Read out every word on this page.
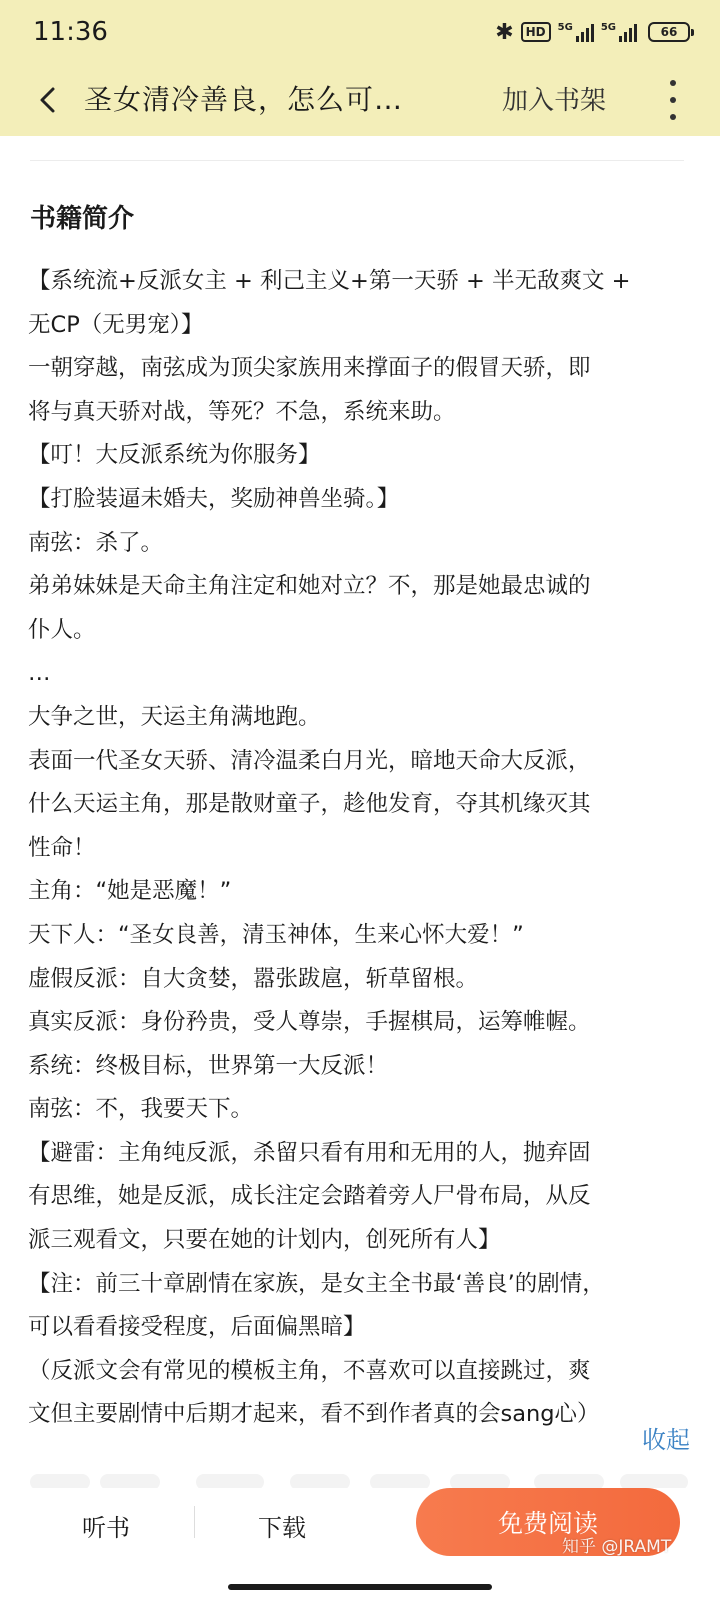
11:36	✱	HD	5G	5G	66
圣女清冷善良，怎么可…	加入书架
书籍简介

【系统流+反派女主 + 利己主义+第一天骄 + 半无敌爽文 +

无CP（无男宠）】

一朝穿越，南弦成为顶尖家族用来撑面子的假冒天骄，即

将与真天骄对战，等死？不急，系统来助。

【叮！大反派系统为你服务】

【打脸装逼未婚夫，奖励神兽坐骑。】

南弦：杀了。

弟弟妹妹是天命主角注定和她对立？不，那是她最忠诚的

仆人。

…

大争之世，天运主角满地跑。

表面一代圣女天骄、清冷温柔白月光，暗地天命大反派，

什么天运主角，那是散财童子，趁他发育，夺其机缘灭其

性命！

主角：“她是恶魔！”

天下人：“圣女良善，清玉神体，生来心怀大爱！”

虚假反派：自大贪婪，嚣张跋扈，斩草留根。

真实反派：身份矜贵，受人尊崇，手握棋局，运筹帷幄。

系统：终极目标，世界第一大反派！

南弦：不，我要天下。

【避雷：主角纯反派，杀留只看有用和无用的人，抛弃固

有思维，她是反派，成长注定会踏着旁人尸骨布局，从反

派三观看文，只要在她的计划内，创死所有人】

【注：前三十章剧情在家族，是女主全书最‘善良’的剧情，

可以看看接受程度，后面偏黑暗】

（反派文会有常见的模板主角，不喜欢可以直接跳过，爽

文但主要剧情中后期才起来，看不到作者真的会sang心）

收起
听书	下载	免费阅读
知乎 @JRAMT
